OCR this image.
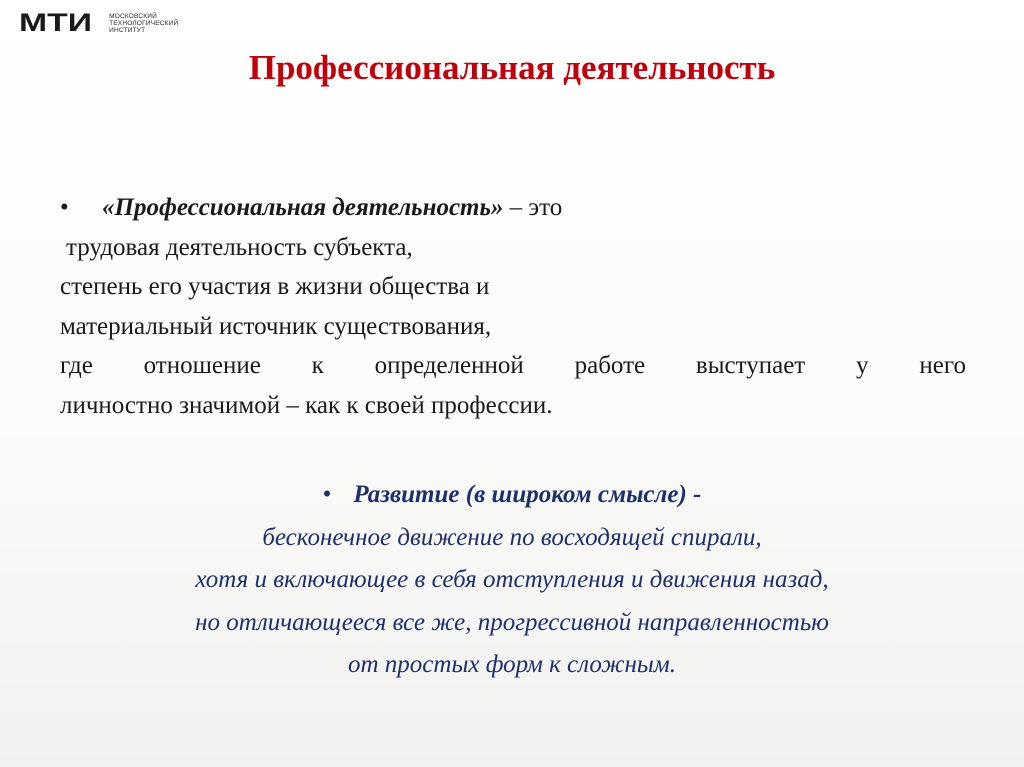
МТИ	МОСКОВСКИЙ
ТЕХНОЛОГИЧЕСКИЙ
ИНСТИТУТ
Профессиональная деятельность
• «Профессиональная деятельность» – это
трудовая деятельность субъекта,
степень его участия в жизни общества и
материальный источник существования,
где отношение к определенной работе выступает у него
личностно значимой – как к своей профессии.
• Развитие (в широком смысле) -
бесконечное движение по восходящей спирали,
хотя и включающее в себя отступления и движения назад,
но отличающееся все же, прогрессивной направленностью
от простых форм к сложным.
